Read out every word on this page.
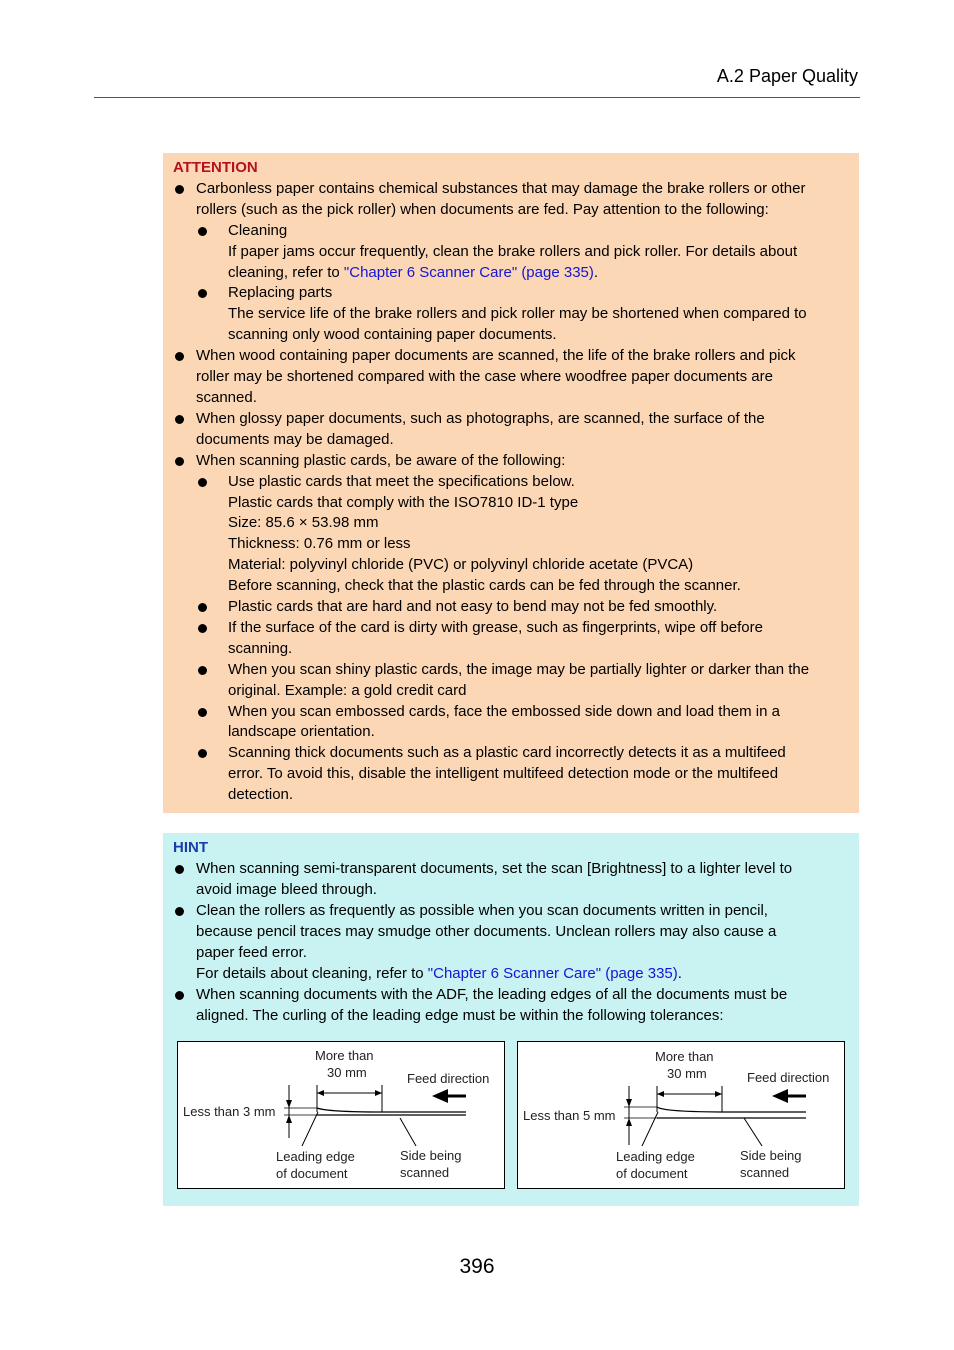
A.2 Paper Quality
ATTENTION
Carbonless paper contains chemical substances that may damage the brake rollers or other
rollers (such as the pick roller) when documents are fed. Pay attention to the following:
Cleaning
If paper jams occur frequently, clean the brake rollers and pick roller. For details about
cleaning, refer to "Chapter 6 Scanner Care" (page 335).
Replacing parts
The service life of the brake rollers and pick roller may be shortened when compared to
scanning only wood containing paper documents.
When wood containing paper documents are scanned, the life of the brake rollers and pick
roller may be shortened compared with the case where woodfree paper documents are
scanned.
When glossy paper documents, such as photographs, are scanned, the surface of the
documents may be damaged.
When scanning plastic cards, be aware of the following:
Use plastic cards that meet the specifications below.
Plastic cards that comply with the ISO7810 ID-1 type
Size: 85.6 × 53.98 mm
Thickness: 0.76 mm or less
Material: polyvinyl chloride (PVC) or polyvinyl chloride acetate (PVCA)
Before scanning, check that the plastic cards can be fed through the scanner.
Plastic cards that are hard and not easy to bend may not be fed smoothly.
If the surface of the card is dirty with grease, such as fingerprints, wipe off before
scanning.
When you scan shiny plastic cards, the image may be partially lighter or darker than the
original. Example: a gold credit card
When you scan embossed cards, face the embossed side down and load them in a
landscape orientation.
Scanning thick documents such as a plastic card incorrectly detects it as a multifeed
error. To avoid this, disable the intelligent multifeed detection mode or the multifeed
detection.
HINT
When scanning semi-transparent documents, set the scan [Brightness] to a lighter level to
avoid image bleed through.
Clean the rollers as frequently as possible when you scan documents written in pencil,
because pencil traces may smudge other documents. Unclean rollers may also cause a
paper feed error.
For details about cleaning, refer to "Chapter 6 Scanner Care" (page 335).
When scanning documents with the ADF, the leading edges of all the documents must be
aligned. The curling of the leading edge must be within the following tolerances:
More than
30 mm	Feed direction
Less than 3 mm
Leading edge
of document
Side being
scanned
More than
30 mm	Feed direction
Less than 5 mm
Leading edge
of document
Side being
scanned
396
